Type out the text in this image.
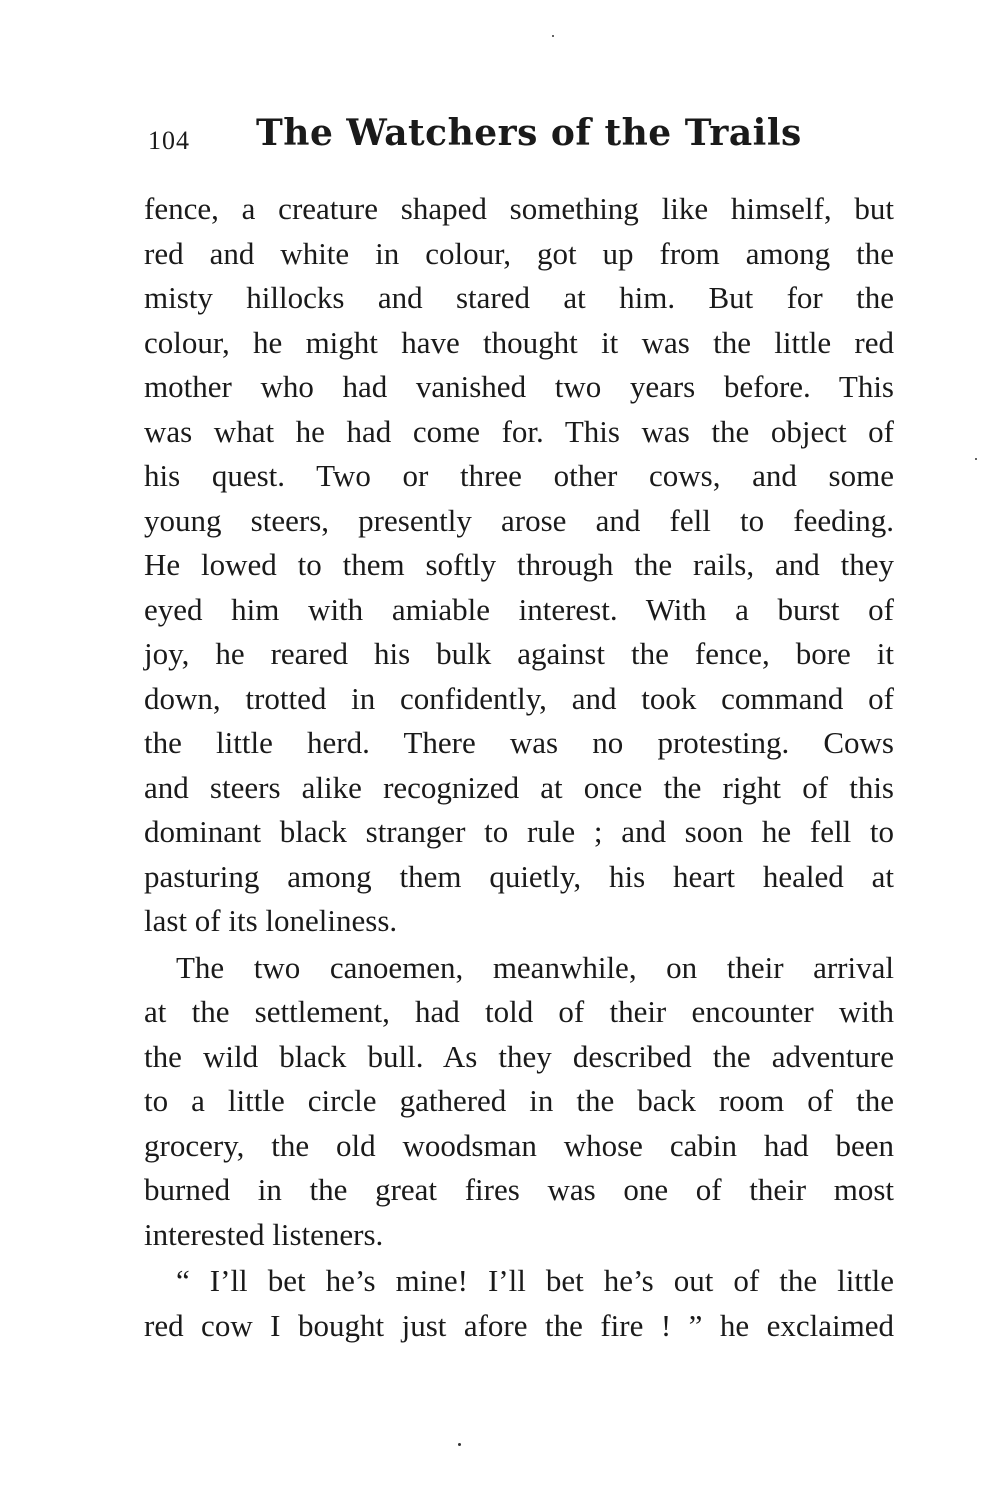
104 The Watchers of the Trails
fence, a creature shaped something like himself, but
red and white in colour, got up from among the
misty hillocks and stared at him. But for the
colour, he might have thought it was the little red
mother who had vanished two years before. This
was what he had come for. This was the object of
his quest. Two or three other cows, and some
young steers, presently arose and fell to feeding.
He lowed to them softly through the rails, and they
eyed him with amiable interest. With a burst of
joy, he reared his bulk against the fence, bore it
down, trotted in confidently, and took command of
the little herd. There was no protesting. Cows
and steers alike recognized at once the right of this
dominant black stranger to rule ; and soon he fell to
pasturing among them quietly, his heart healed at
last of its loneliness.
The two canoemen, meanwhile, on their arrival
at the settlement, had told of their encounter with
the wild black bull. As they described the adventure
to a little circle gathered in the back room of the
grocery, the old woodsman whose cabin had been
burned in the great fires was one of their most
interested listeners.
“ I’ll bet he’s mine! I’ll bet he’s out of the little
red cow I bought just afore the fire ! ” he exclaimed
